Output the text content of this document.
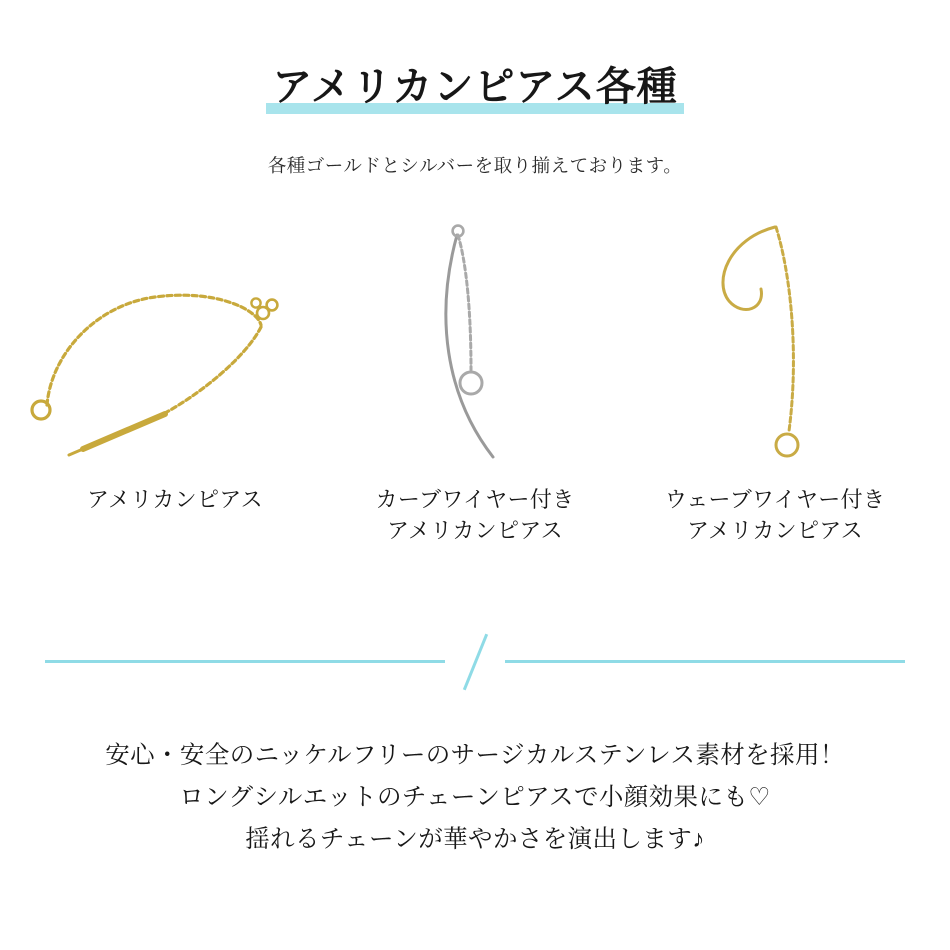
アメリカンピアス各種
各種ゴールドとシルバーを取り揃えております。
アメリカンピアス	カーブワイヤー付き
アメリカンピアス
ウェーブワイヤー付き
アメリカンピアス
安心・安全のニッケルフリーのサージカルステンレス素材を採用！
ロングシルエットのチェーンピアスで小顔効果にも♡
揺れるチェーンが華やかさを演出します♪
